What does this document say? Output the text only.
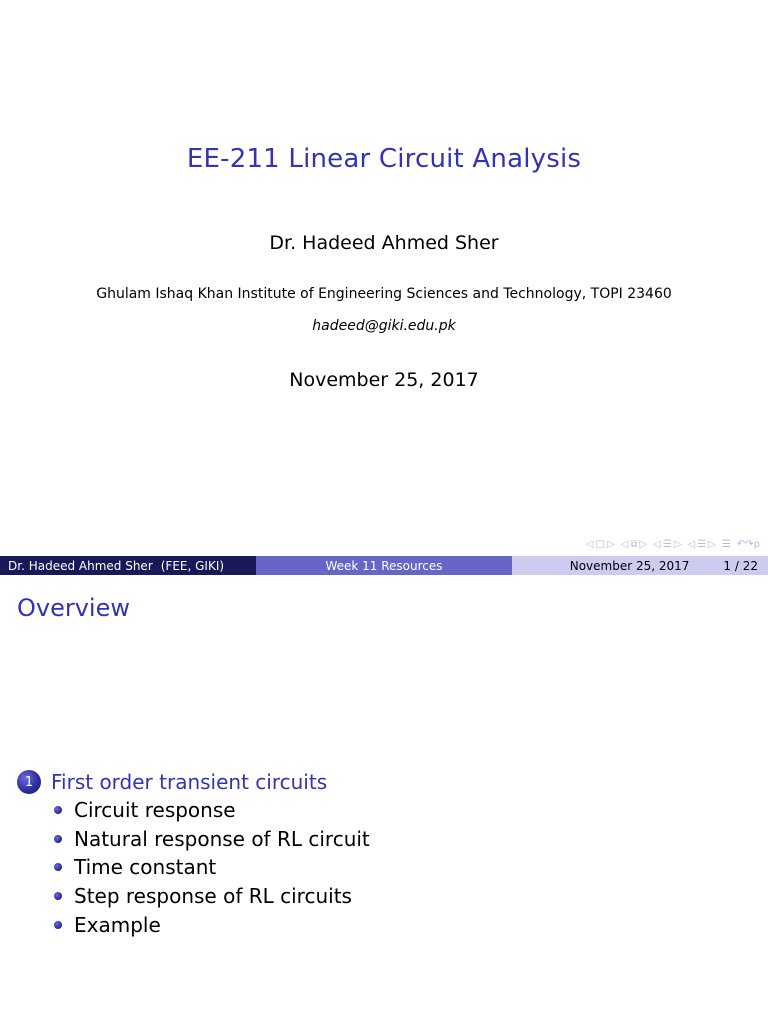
EE-211 Linear Circuit Analysis
Dr. Hadeed Ahmed Sher
Ghulam Ishaq Khan Institute of Engineering Sciences and Technology, TOPI 23460
hadeed@giki.edu.pk
November 25, 2017
◁ □ ▷ ◁ ⧉ ▷ ◁ ☰ ▷ ◁ ☰ ▷ ☰ ↶↷ρ
Dr. Hadeed Ahmed Sher (FEE, GIKI)	Week 11 Resources	November 25, 2017	1 / 22
Overview
1 First order transient circuits
Circuit response
Natural response of RL circuit
Time constant
Step response of RL circuits
Example
